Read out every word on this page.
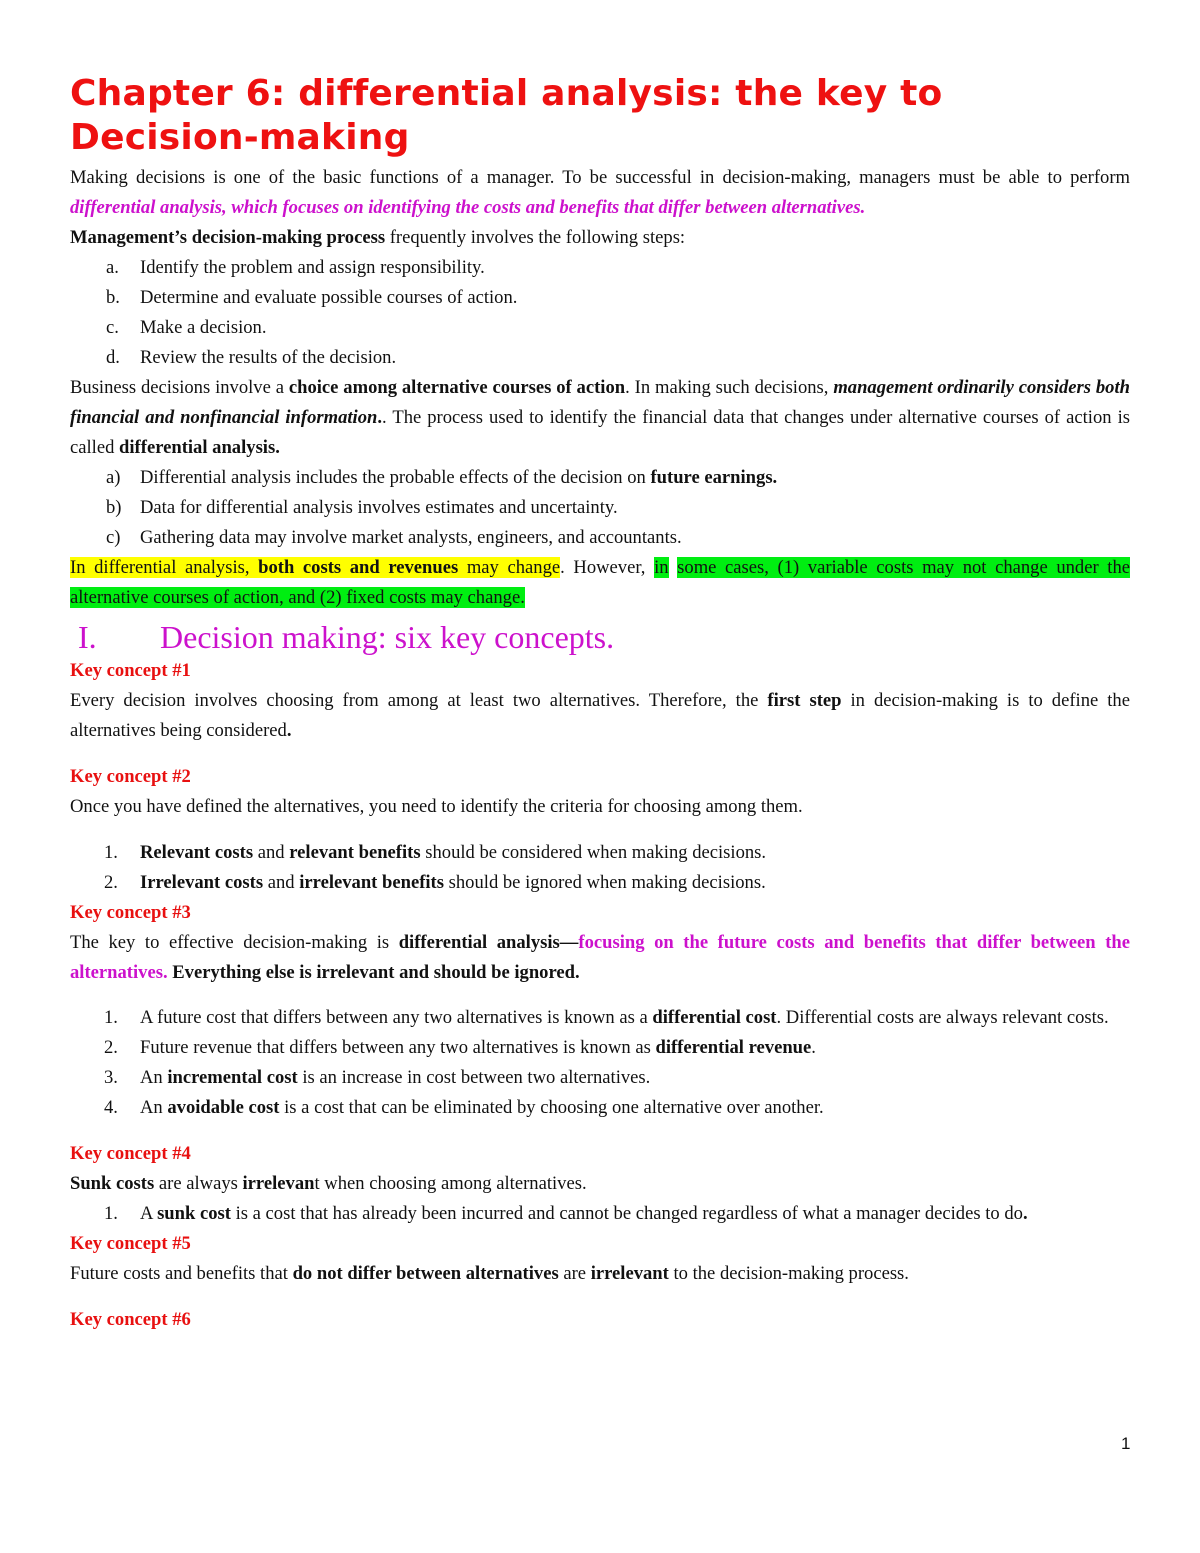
Chapter 6: differential analysis: the key to Decision-making

Making decisions is one of the basic functions of a manager. To be successful in decision-making, managers must be able to perform differential analysis, which focuses on identifying the costs and benefits that differ between alternatives.

Management’s decision-making process frequently involves the following steps:

a.	Identify the problem and assign responsibility.
b.	Determine and evaluate possible courses of action.
c.	Make a decision.
d.	Review the results of the decision.

Business decisions involve a choice among alternative courses of action. In making such decisions, management ordinarily considers both financial and nonfinancial information.. The process used to identify the financial data that changes under alternative courses of action is called differential analysis.

a)	Differential analysis includes the probable effects of the decision on future earnings.
b) Data for differential analysis involves estimates and uncertainty.
c)	Gathering data may involve market analysts, engineers, and accountants.

In differential analysis, both costs and revenues may change. However, in some cases, (1) variable costs may not change under the alternative courses of action, and (2) fixed costs may change.

I. Decision making: six key concepts.

Key concept #1

Every decision involves choosing from among at least two alternatives. Therefore, the first step in decision-making is to define the alternatives being considered.

Key concept #2

Once you have defined the alternatives, you need to identify the criteria for choosing among them.

1.	Relevant costs and relevant benefits should be considered when making decisions.
2.	Irrelevant costs and irrelevant benefits should be ignored when making decisions.

Key concept #3

The key to effective decision-making is differential analysis—focusing on the future costs and benefits that differ between the alternatives. Everything else is irrelevant and should be ignored.

1.	A future cost that differs between any two alternatives is known as a differential cost. Differential costs are always relevant costs.
2.	Future revenue that differs between any two alternatives is known as differential revenue.
3.	An incremental cost is an increase in cost between two alternatives.
4.	An avoidable cost is a cost that can be eliminated by choosing one alternative over another.

Key concept #4

Sunk costs are always irrelevant when choosing among alternatives.

1.	A sunk cost is a cost that has already been incurred and cannot be changed regardless of what a manager decides to do.

Key concept #5

Future costs and benefits that do not differ between alternatives are irrelevant to the decision-making process.

Key concept #6

1
